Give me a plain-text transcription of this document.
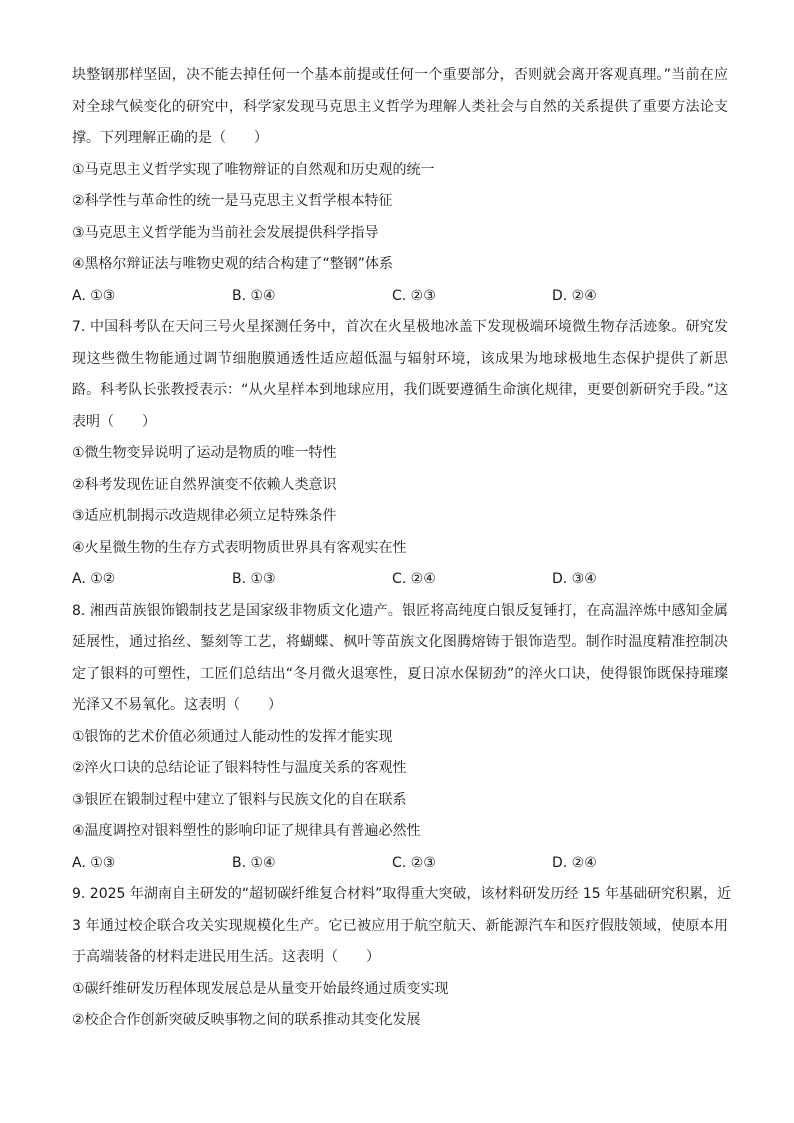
块整钢那样坚固，决不能去掉任何一个基本前提或任何一个重要部分，否则就会离开客观真理。”当前在应对全球气候变化的研究中，科学家发现马克思主义哲学为理解人类社会与自然的关系提供了重要方法论支撑。下列理解正确的是（　　）

①马克思主义哲学实现了唯物辩证的自然观和历史观的统一

②科学性与革命性的统一是马克思主义哲学根本特征

③马克思主义哲学能为当前社会发展提供科学指导

④黑格尔辩证法与唯物史观的结合构建了“整钢”体系

A. ①③	B. ①④	C. ②③	D. ②④

7. 中国科考队在天问三号火星探测任务中，首次在火星极地冰盖下发现极端环境微生物存活迹象。研究发现这些微生物能通过调节细胞膜通透性适应超低温与辐射环境，该成果为地球极地生态保护提供了新思路。科考队长张教授表示：“从火星样本到地球应用，我们既要遵循生命演化规律，更要创新研究手段。”这表明（　　）

①微生物变异说明了运动是物质的唯一特性

②科考发现佐证自然界演变不依赖人类意识

③适应机制揭示改造规律必须立足特殊条件

④火星微生物的生存方式表明物质世界具有客观实在性

A. ①②	B. ①③	C. ②④	D. ③④

8. 湘西苗族银饰锻制技艺是国家级非物质文化遗产。银匠将高纯度白银反复锤打，在高温淬炼中感知金属延展性，通过掐丝、錾刻等工艺，将蝴蝶、枫叶等苗族文化图腾熔铸于银饰造型。制作时温度精准控制决定了银料的可塑性，工匠们总结出“冬月微火退寒性，夏日凉水保韧劲”的淬火口诀，使得银饰既保持璀璨光泽又不易氧化。这表明（　　）

①银饰的艺术价值必须通过人能动性的发挥才能实现

②淬火口诀的总结论证了银料特性与温度关系的客观性

③银匠在锻制过程中建立了银料与民族文化的自在联系

④温度调控对银料塑性的影响印证了规律具有普遍必然性

A. ①③	B. ①④	C. ②③	D. ②④

9. 2025 年湖南自主研发的“超韧碳纤维复合材料”取得重大突破，该材料研发历经 15 年基础研究积累，近

3 年通过校企联合攻关实现规模化生产。它已被应用于航空航天、新能源汽车和医疗假肢领域，使原本用于高端装备的材料走进民用生活。这表明（　　）

①碳纤维研发历程体现发展总是从量变开始最终通过质变实现

②校企合作创新突破反映事物之间的联系推动其变化发展
